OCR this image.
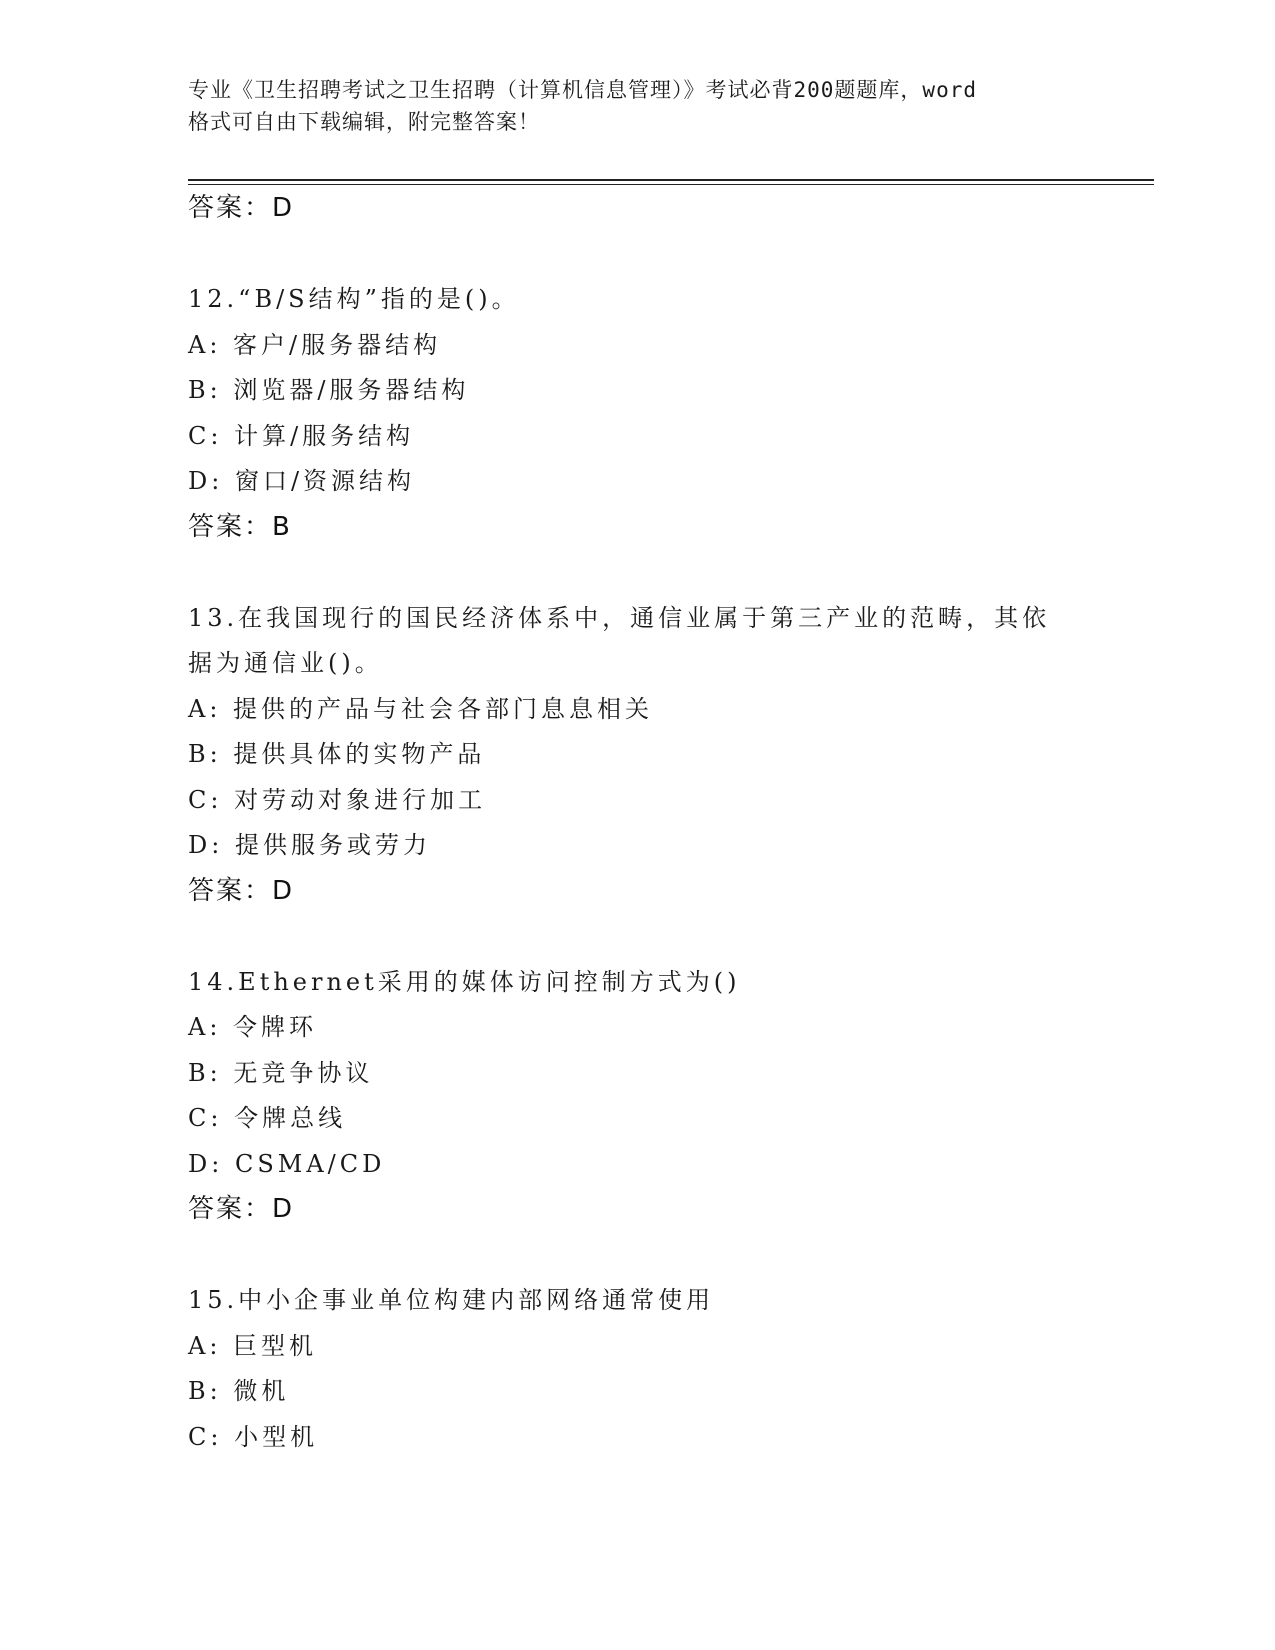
专业《卫生招聘考试之卫生招聘（计算机信息管理）》考试必背200题题库，word
格式可自由下载编辑，附完整答案！
答案：D
12.“B/S结构”指的是()。
A: 客户/服务器结构
B: 浏览器/服务器结构
C: 计算/服务结构
D: 窗口/资源结构
答案：B
13.在我国现行的国民经济体系中，通信业属于第三产业的范畴，其依
据为通信业()。
A: 提供的产品与社会各部门息息相关
B: 提供具体的实物产品
C: 对劳动对象进行加工
D: 提供服务或劳力
答案：D
14.Ethernet采用的媒体访问控制方式为()
A: 令牌环
B: 无竞争协议
C: 令牌总线
D: CSMA/CD
答案：D
15.中小企事业单位构建内部网络通常使用
A: 巨型机
B: 微机
C: 小型机
